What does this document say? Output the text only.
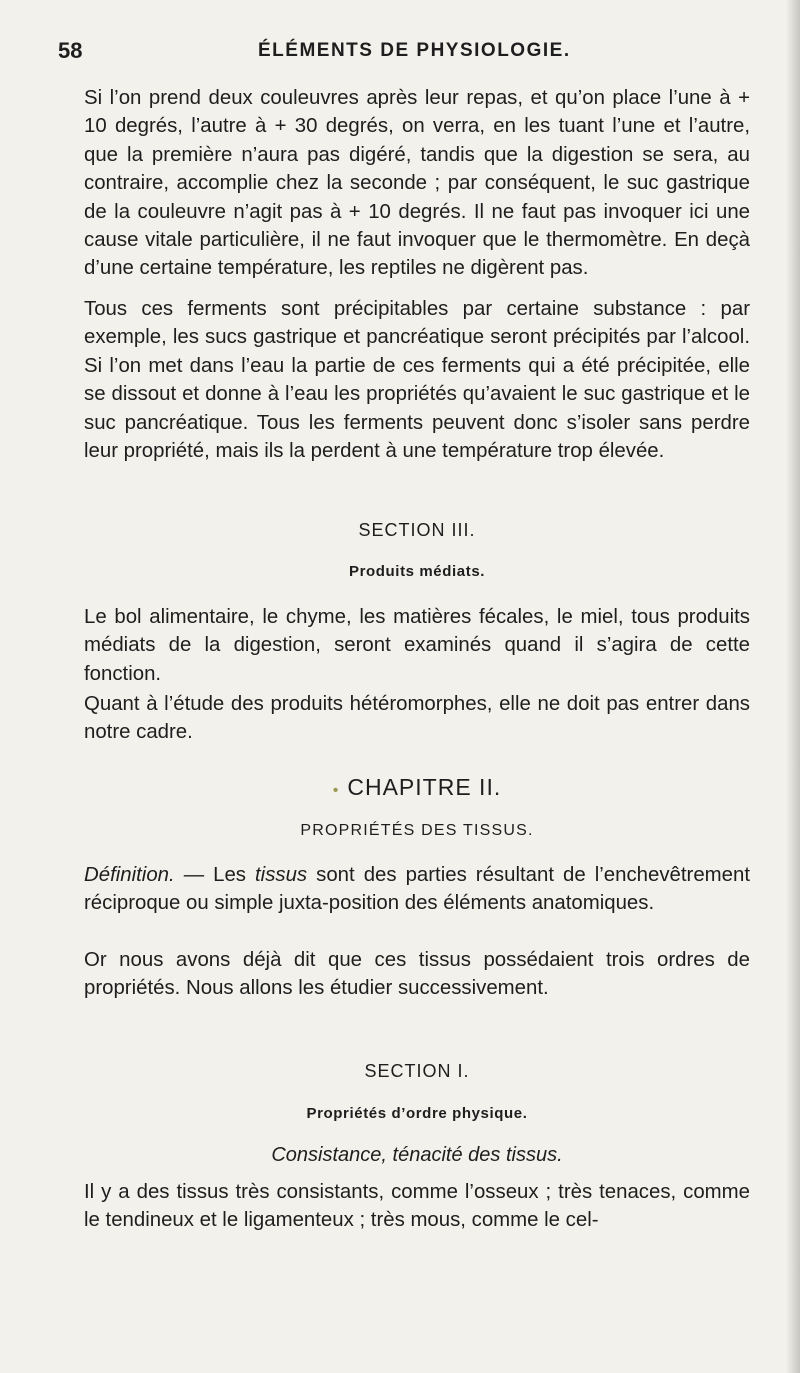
58	ÉLÉMENTS DE PHYSIOLOGIE.

Si l’on prend deux couleuvres après leur repas, et qu’on place l’une à + 10 degrés, l’autre à + 30 degrés, on verra, en les tuant l’une et l’autre, que la première n’aura pas digéré, tandis que la digestion se sera, au contraire, accomplie chez la seconde ; par conséquent, le suc gastrique de la couleuvre n’agit pas à + 10 degrés. Il ne faut pas invoquer ici une cause vitale particulière, il ne faut invoquer que le thermomètre. En deçà d’une certaine température, les reptiles ne digèrent pas.

Tous ces ferments sont précipitables par certaine substance : par exemple, les sucs gastrique et pancréatique seront précipités par l’alcool. Si l’on met dans l’eau la partie de ces ferments qui a été précipitée, elle se dissout et donne à l’eau les propriétés qu’avaient le suc gastrique et le suc pancréatique. Tous les ferments peuvent donc s’isoler sans perdre leur propriété, mais ils la perdent à une température trop élevée.

SECTION III.
Produits médiats.

Le bol alimentaire, le chyme, les matières fécales, le miel, tous produits médiats de la digestion, seront examinés quand il s’agira de cette fonction.

Quant à l’étude des produits hétéromorphes, elle ne doit pas entrer dans notre cadre.

• CHAPITRE II.
PROPRIÉTÉS DES TISSUS.

Définition. — Les tissus sont des parties résultant de l’enchevêtrement réciproque ou simple juxta-position des éléments anatomiques.

Or nous avons déjà dit que ces tissus possédaient trois ordres de propriétés. Nous allons les étudier successivement.

SECTION I.
Propriétés d’ordre physique.
Consistance, ténacité des tissus.

Il y a des tissus très consistants, comme l’osseux ; très tenaces, comme le tendineux et le ligamenteux ; très mous, comme le cel-
